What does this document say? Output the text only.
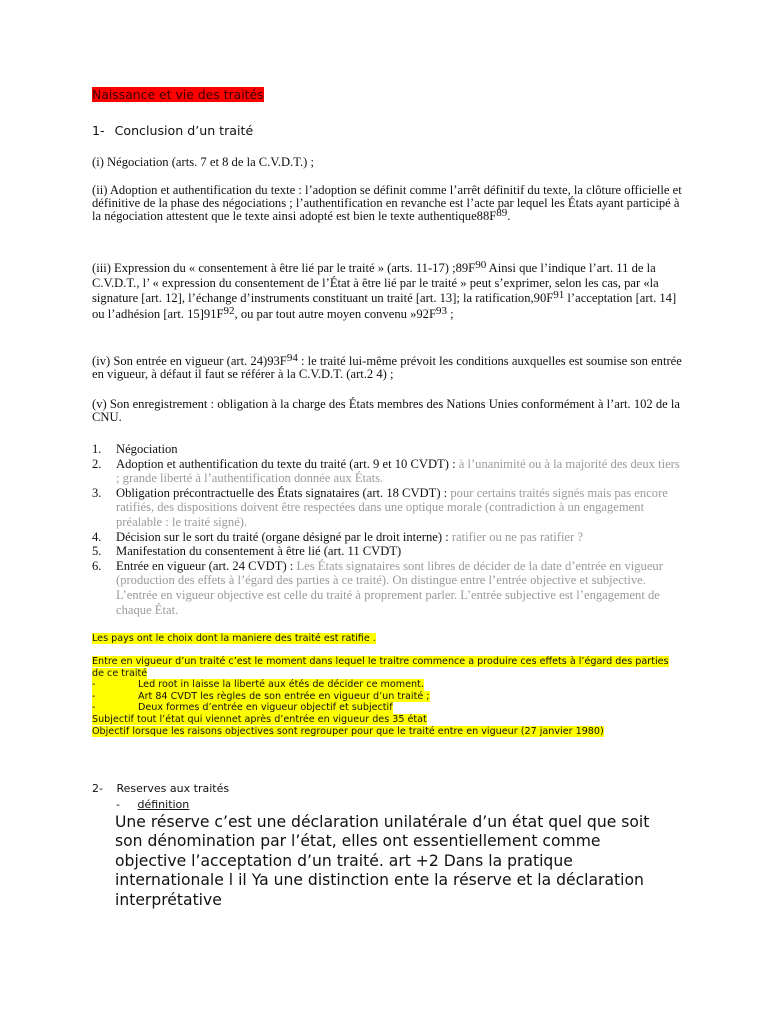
Naissance et vie des traités
1- Conclusion d’un traité
(i) Négociation (arts. 7 et 8 de la C.V.D.T.) ;
(ii) Adoption et authentification du texte : l’adoption se définit comme l’arrêt définitif du texte, la clôture officielle et définitive de la phase des négociations ; l’authentification en revanche est l’acte par lequel les États ayant participé à la négociation attestent que le texte ainsi adopté est bien le texte $authentique88F^{89}$.
(iii) Expression du « consentement à être lié par le traité » (arts. 11-17) $;89F^{90}$ Ainsi que l’indique l’art. 11 de la C.V.D.T., l’ « expression du consentement de l’État à être lié par le traité » peut s’exprimer, selon les cas, par «la signature [art. 12], l’échange d’instruments constituant un traité [art. 13]; la $ratification,90F^{91}$ l’acceptation [art. 14] ou l’adhésion [art. $15]91F^{92}$, ou par tout autre moyen convenu $»92F^{93}$ ;
(iv) Son entrée en vigueur (art. $24)93F^{94}$ : le traité lui-même prévoit les conditions auxquelles est soumise son entrée en vigueur, à défaut il faut se référer à la C.V.D.T. (art.2 4) ;
(v) Son enregistrement : obligation à la charge des États membres des Nations Unies conformément à l’art. 102 de la CNU.
1. Négociation
2. Adoption et authentification du texte du traité (art. 9 et 10 CVDT) : à l’unanimité ou à la majorité des deux tiers ; grande liberté à l’authentification donnée aux États.
3. Obligation précontractuelle des États signataires (art. 18 CVDT) : pour certains traités signés mais pas encore ratifiés, des dispositions doivent être respectées dans une optique morale (contradiction à un engagement préalable : le traité signé).
4. Décision sur le sort du traité (organe désigné par le droit interne) : ratifier ou ne pas ratifier ?
5. Manifestation du consentement à être lié (art. 11 CVDT)
6. Entrée en vigueur (art. 24 CVDT) : Les États signataires sont libres de décider de la date d’entrée en vigueur (production des effets à l’égard des parties à ce traité). On distingue entre l’entrée objective et subjective. L’entrée en vigueur objective est celle du traité à proprement parler. L’entrée subjective est l’engagement de chaque État.
Les pays ont le choix dont la maniere des traité est ratifie .
Entre en vigueur d’un traité c’est le moment dans lequel le traitre commence a produire ces effets à l’égard des parties de ce traité
-	Led root in laisse la liberté aux étés de décider ce moment.
-	Art 84 CVDT les règles de son entrée en vigueur d’un traité ;
-	Deux formes d’entrée en vigueur objectif et subjectif
Subjectif tout l’état qui viennet après d’entrée en vigueur des 35 état
Objectif lorsque les raisons objectives sont regrouper pour que le traité entre en vigueur (27 janvier 1980)
2- Reserves aux traités
- définition
Une réserve c’est une déclaration unilatérale d’un état quel que soit son dénomination par l’état, elles ont essentiellement comme objective l’acceptation d’un traité. art +2 Dans la pratique internationale l il Ya une distinction ente la réserve et la déclaration interprétative
